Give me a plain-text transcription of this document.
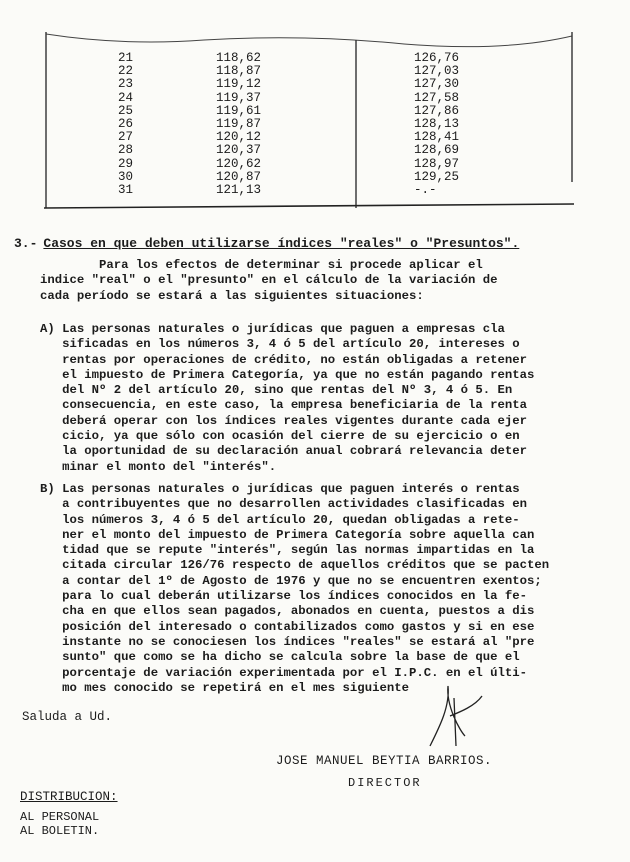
21	118,62	126,76
22	118,87	127,03
23	119,12	127,30
24	119,37	127,58
25	119,61	127,86
26	119,87	128,13
27	120,12	128,41
28	120,37	128,69
29	120,62	128,97
30	120,87	129,25
31	121,13	-.-
3.- Casos en que deben utilizarse índices "reales" o "Presuntos".
Para los efectos de determinar si procede aplicar el
indice "real" o el "presunto" en el cálculo de la variación de
cada período se estará a las siguientes situaciones:
A) Las personas naturales o jurídicas que paguen a empresas cla
sificadas en los números 3, 4 ó 5 del artículo 20, intereses o
rentas por operaciones de crédito, no están obligadas a retener
el impuesto de Primera Categoría, ya que no están pagando rentas
del Nº 2 del artículo 20, sino que rentas del Nº 3, 4 ó 5. En
consecuencia, en este caso, la empresa beneficiaria de la renta
deberá operar con los índices reales vigentes durante cada ejer
cicio, ya que sólo con ocasión del cierre de su ejercicio o en
la oportunidad de su declaración anual cobrará relevancia deter
minar el monto del "interés".
B) Las personas naturales o jurídicas que paguen interés o rentas
a contribuyentes que no desarrollen actividades clasificadas en
los números 3, 4 ó 5 del artículo 20, quedan obligadas a rete-
ner el monto del impuesto de Primera Categoría sobre aquella can
tidad que se repute "interés", según las normas impartidas en la
citada circular 126/76 respecto de aquellos créditos que se pacten
a contar del 1º de Agosto de 1976 y que no se encuentren exentos;
para lo cual deberán utilizarse los índices conocidos en la fe-
cha en que ellos sean pagados, abonados en cuenta, puestos a dis
posición del interesado o contabilizados como gastos y si en ese
instante no se conociesen los índices "reales" se estará al "pre
sunto" que como se ha dicho se calcula sobre la base de que el
porcentaje de variación experimentada por el I.P.C. en el últi-
mo mes conocido se repetirá en el mes siguiente
Saluda a Ud.
JOSE MANUEL BEYTIA BARRIOS.
DIRECTOR
DISTRIBUCION:
AL PERSONAL
AL BOLETIN.
